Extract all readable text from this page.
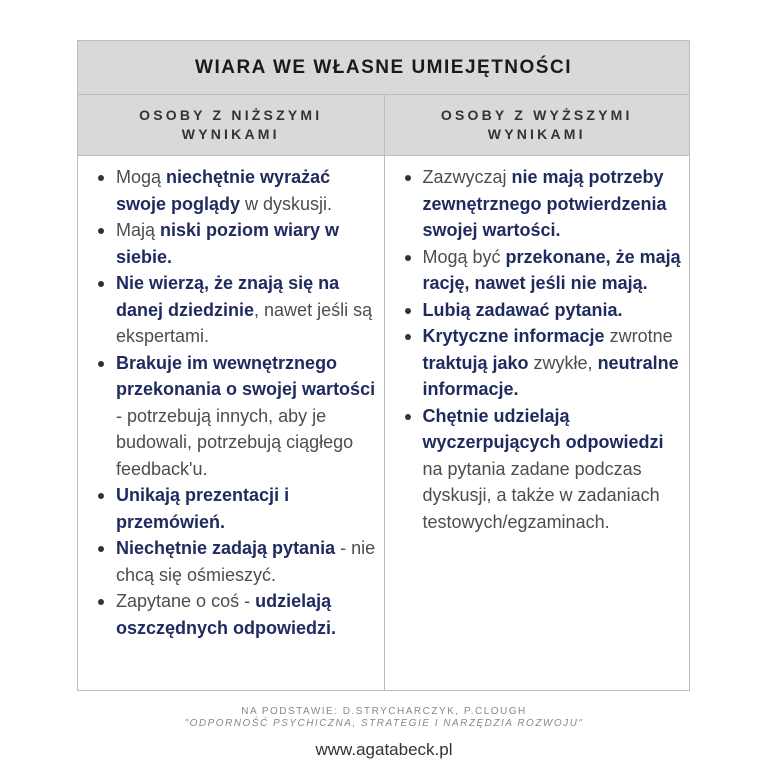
WIARA WE WŁASNE UMIEJĘTNOŚCI
OSOBY Z NIŻSZYMI WYNIKAMI
Mogą niechętnie wyrażać swoje poglądy w dyskusji.
Mają niski poziom wiary w siebie.
Nie wierzą, że znają się na danej dziedzinie, nawet jeśli są ekspertami.
Brakuje im wewnętrznego przekonania o swojej wartości - potrzebują innych, aby je budowali, potrzebują ciągłego feedback'u.
Unikają prezentacji i przemówień.
Niechętnie zadają pytania - nie chcą się ośmieszyć.
Zapytane o coś - udzielają oszczędnych odpowiedzi.
OSOBY Z WYŻSZYMI WYNIKAMI
Zazwyczaj nie mają potrzeby zewnętrznego potwierdzenia swojej wartości.
Mogą być przekonane, że mają rację, nawet jeśli nie mają.
Lubią zadawać pytania.
Krytyczne informacje zwrotne traktują jako zwykłe, neutralne informacje.
Chętnie udzielają wyczerpujących odpowiedzi na pytania zadane podczas dyskusji, a także w zadaniach testowych/egzaminach.
NA PODSTAWIE: D.STRYCHARCZYK, P.CLOUGH
"ODPORNOŚĆ PSYCHICZNA, STRATEGIE I NARZĘDZIA ROZWOJU"
www.agatabeck.pl
